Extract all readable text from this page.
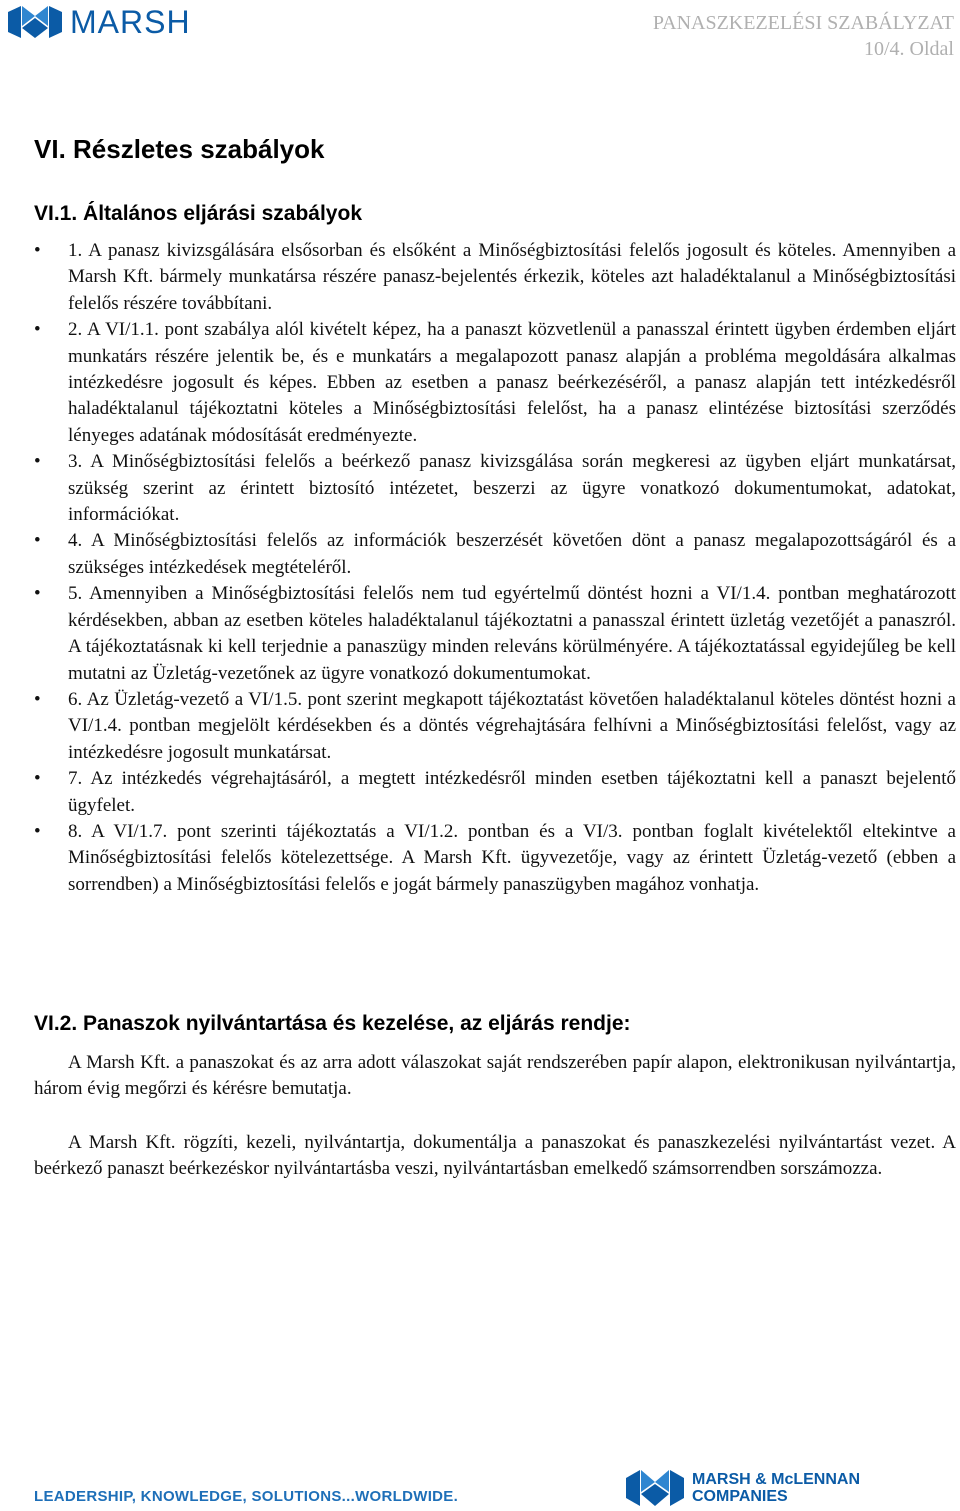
MARSH	PANASZKEZELÉSI SZABÁLYZAT
10/4. Oldal
VI. Részletes szabályok
VI.1. Általános eljárási szabályok
• 1. A panasz kivizsgálására elsősorban és elsőként a Minőségbiztosítási felelős jogosult és köteles. Amennyiben a Marsh Kft. bármely munkatársa részére panasz-bejelentés érkezik, köteles azt haladéktalanul a Minőségbiztosítási felelős részére továbbítani.
• 2. A VI/1.1. pont szabálya alól kivételt képez, ha a panaszt közvetlenül a panasszal érintett ügyben érdemben eljárt munkatárs részére jelentik be, és e munkatárs a megalapozott panasz alapján a probléma megoldására alkalmas intézkedésre jogosult és képes. Ebben az esetben a panasz beérkezéséről, a panasz alapján tett intézkedésről haladéktalanul tájékoztatni köteles a Minőségbiztosítási felelőst, ha a panasz elintézése biztosítási szerződés lényeges adatának módosítását eredményezte.
• 3. A Minőségbiztosítási felelős a beérkező panasz kivizsgálása során megkeresi az ügyben eljárt munkatársat, szükség szerint az érintett biztosító intézetet, beszerzi az ügyre vonatkozó dokumentumokat, adatokat, információkat.
• 4. A Minőségbiztosítási felelős az információk beszerzését követően dönt a panasz megalapozottságáról és a szükséges intézkedések megtételéről.
• 5. Amennyiben a Minőségbiztosítási felelős nem tud egyértelmű döntést hozni a VI/1.4. pontban meghatározott kérdésekben, abban az esetben köteles haladéktalanul tájékoztatni a panasszal érintett üzletág vezetőjét a panaszról. A tájékoztatásnak ki kell terjednie a panaszügy minden releváns körülményére. A tájékoztatással egyidejűleg be kell mutatni az Üzletág-vezetőnek az ügyre vonatkozó dokumentumokat.
• 6. Az Üzletág-vezető a VI/1.5. pont szerint megkapott tájékoztatást követően haladéktalanul köteles döntést hozni a VI/1.4. pontban megjelölt kérdésekben és a döntés végrehajtására felhívni a Minőségbiztosítási felelőst, vagy az intézkedésre jogosult munkatársat.
• 7. Az intézkedés végrehajtásáról, a megtett intézkedésről minden esetben tájékoztatni kell a panaszt bejelentő ügyfelet.
• 8. A VI/1.7. pont szerinti tájékoztatás a VI/1.2. pontban és a VI/3. pontban foglalt kivételektől eltekintve a Minőségbiztosítási felelős kötelezettsége. A Marsh Kft. ügyvezetője, vagy az érintett Üzletág-vezető (ebben a sorrendben) a Minőségbiztosítási felelős e jogát bármely panaszügyben magához vonhatja.
VI.2. Panaszok nyilvántartása és kezelése, az eljárás rendje:

A Marsh Kft. a panaszokat és az arra adott válaszokat saját rendszerében papír alapon, elektronikusan nyilvántartja, három évig megőrzi és kérésre bemutatja.

A Marsh Kft. rögzíti, kezeli, nyilvántartja, dokumentálja a panaszokat és panaszkezelési nyilvántartást vezet. A beérkező panaszt beérkezéskor nyilvántartásba veszi, nyilvántartásban emelkedő számsorrendben sorszámozza.

LEADERSHIP, KNOWLEDGE, SOLUTIONS...WORLDWIDE.
MARSH & McLENNAN
COMPANIES
